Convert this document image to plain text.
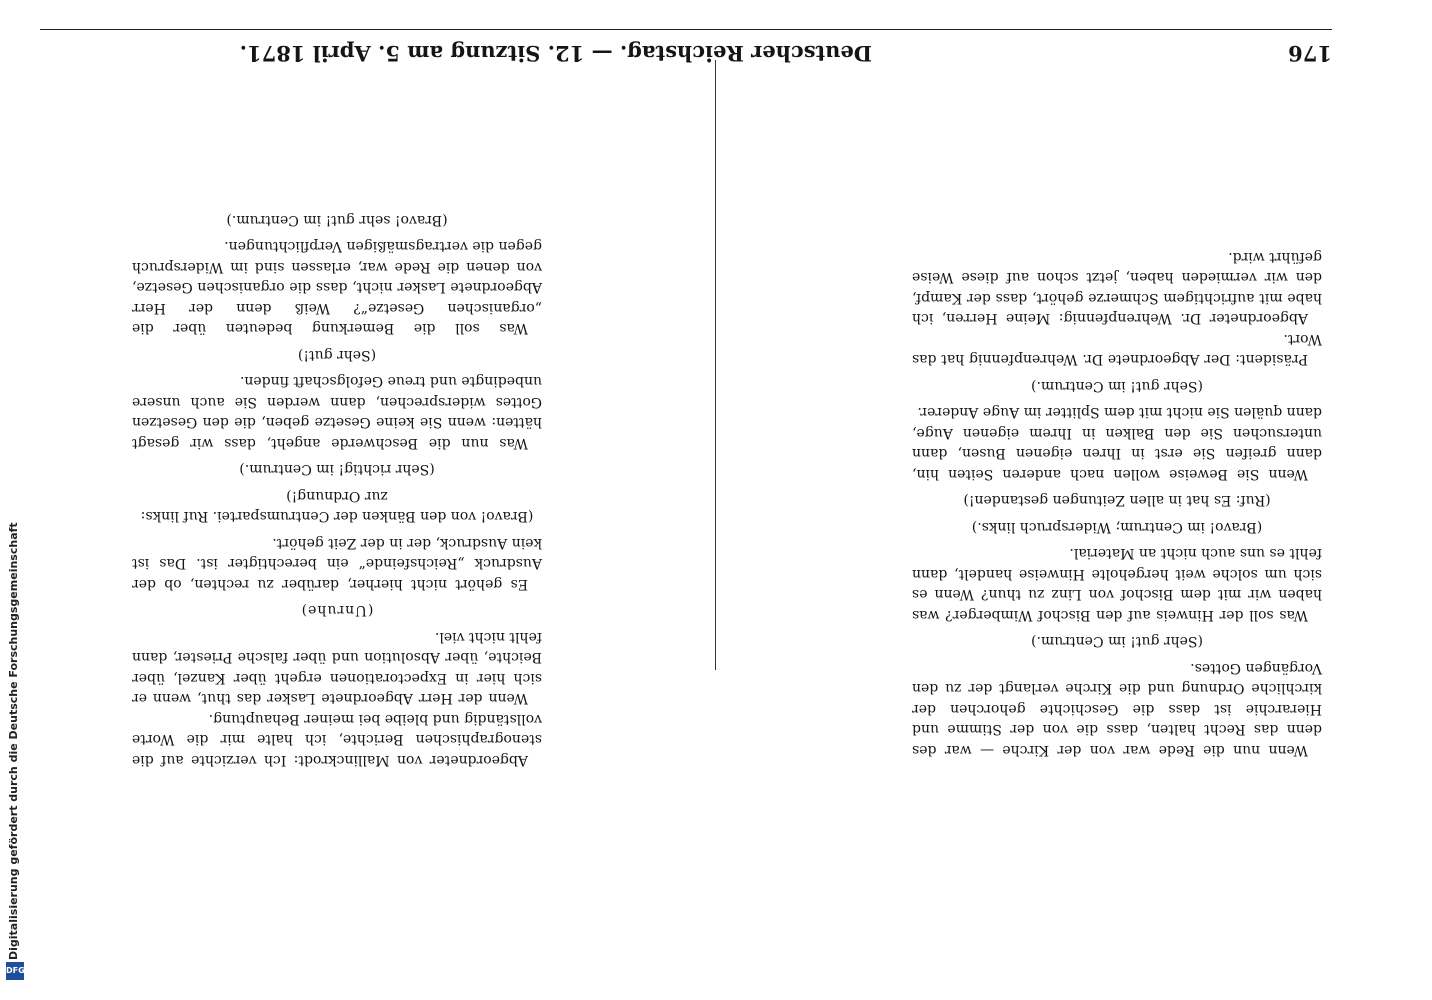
176
Deutscher Reichstag. — 12. Sitzung am 5. April 1871.

Wenn nun die Rede war von der Kirche — war des denn das Recht halten, dass die von der Stimme und Hierarchie ist dass die Geschichte gehorchen der kirchliche Ordnung und die Kirche verlangt der zu den Vorgängen Gottes.

(Sehr gut! im Centrum.)

Was soll der Hinweis auf den Bischof Wimberger? was haben wir mit dem Bischof von Linz zu thun? Wenn es sich um solche weit hergeholte Hinweise handelt, dann fehlt es uns auch nicht an Material.

(Bravo! im Centrum; Widerspruch links.)

(Ruf: Es hat in allen Zeitungen gestanden!)

Wenn Sie Beweise wollen nach anderen Seiten hin, dann greifen Sie erst in Ihren eigenen Busen, dann untersuchen Sie den Balken in Ihrem eigenen Auge, dann quälen Sie nicht mit dem Splitter im Auge Anderer.

(Sehr gut! im Centrum.)

Präsident: Der Abgeordnete Dr. Wehrenpfennig hat das Wort.

Abgeordneter Dr. Wehrenpfennig: Meine Herren, ich habe mit aufrichtigem Schmerze gehört, dass der Kampf, den wir vermieden haben, jetzt schon auf diese Weise geführt wird.

Abgeordneter von Mallinckrodt: Ich verzichte auf die stenographischen Berichte, ich halte mir die Worte vollständig und bleibe bei meiner Behauptung.

Wenn der Herr Abgeordnete Lasker das thut, wenn er sich hier in Expectorationen ergeht über Kanzel, über Beichte, über Absolution und über falsche Priester, dann fehlt nicht viel.

(Unruhe)

Es gehört nicht hierher, darüber zu rechten, ob der Ausdruck „Reichsfeinde“ ein berechtigter ist. Das ist kein Ausdruck, der in der Zeit gehört.

(Bravo! von den Bänken der Centrumspartei. Ruf links: zur Ordnung!)

(Sehr richtig! im Centrum.)

Was nun die Beschwerde angeht, dass wir gesagt hätten: wenn Sie keine Gesetze geben, die den Gesetzen Gottes widersprechen, dann werden Sie auch unsere unbedingte und treue Gefolgschaft finden.

(Sehr gut!)

Was soll die Bemerkung bedeuten über die „organischen Gesetze“? Weiß denn der Herr Abgeordnete Lasker nicht, dass die organischen Gesetze, von denen die Rede war, erlassen sind im Widerspruch gegen die vertragsmäßigen Verpflichtungen.

(Bravo! sehr gut! im Centrum.)

DFG
Digitalisierung gefördert durch die Deutsche Forschungsgemeinschaft
